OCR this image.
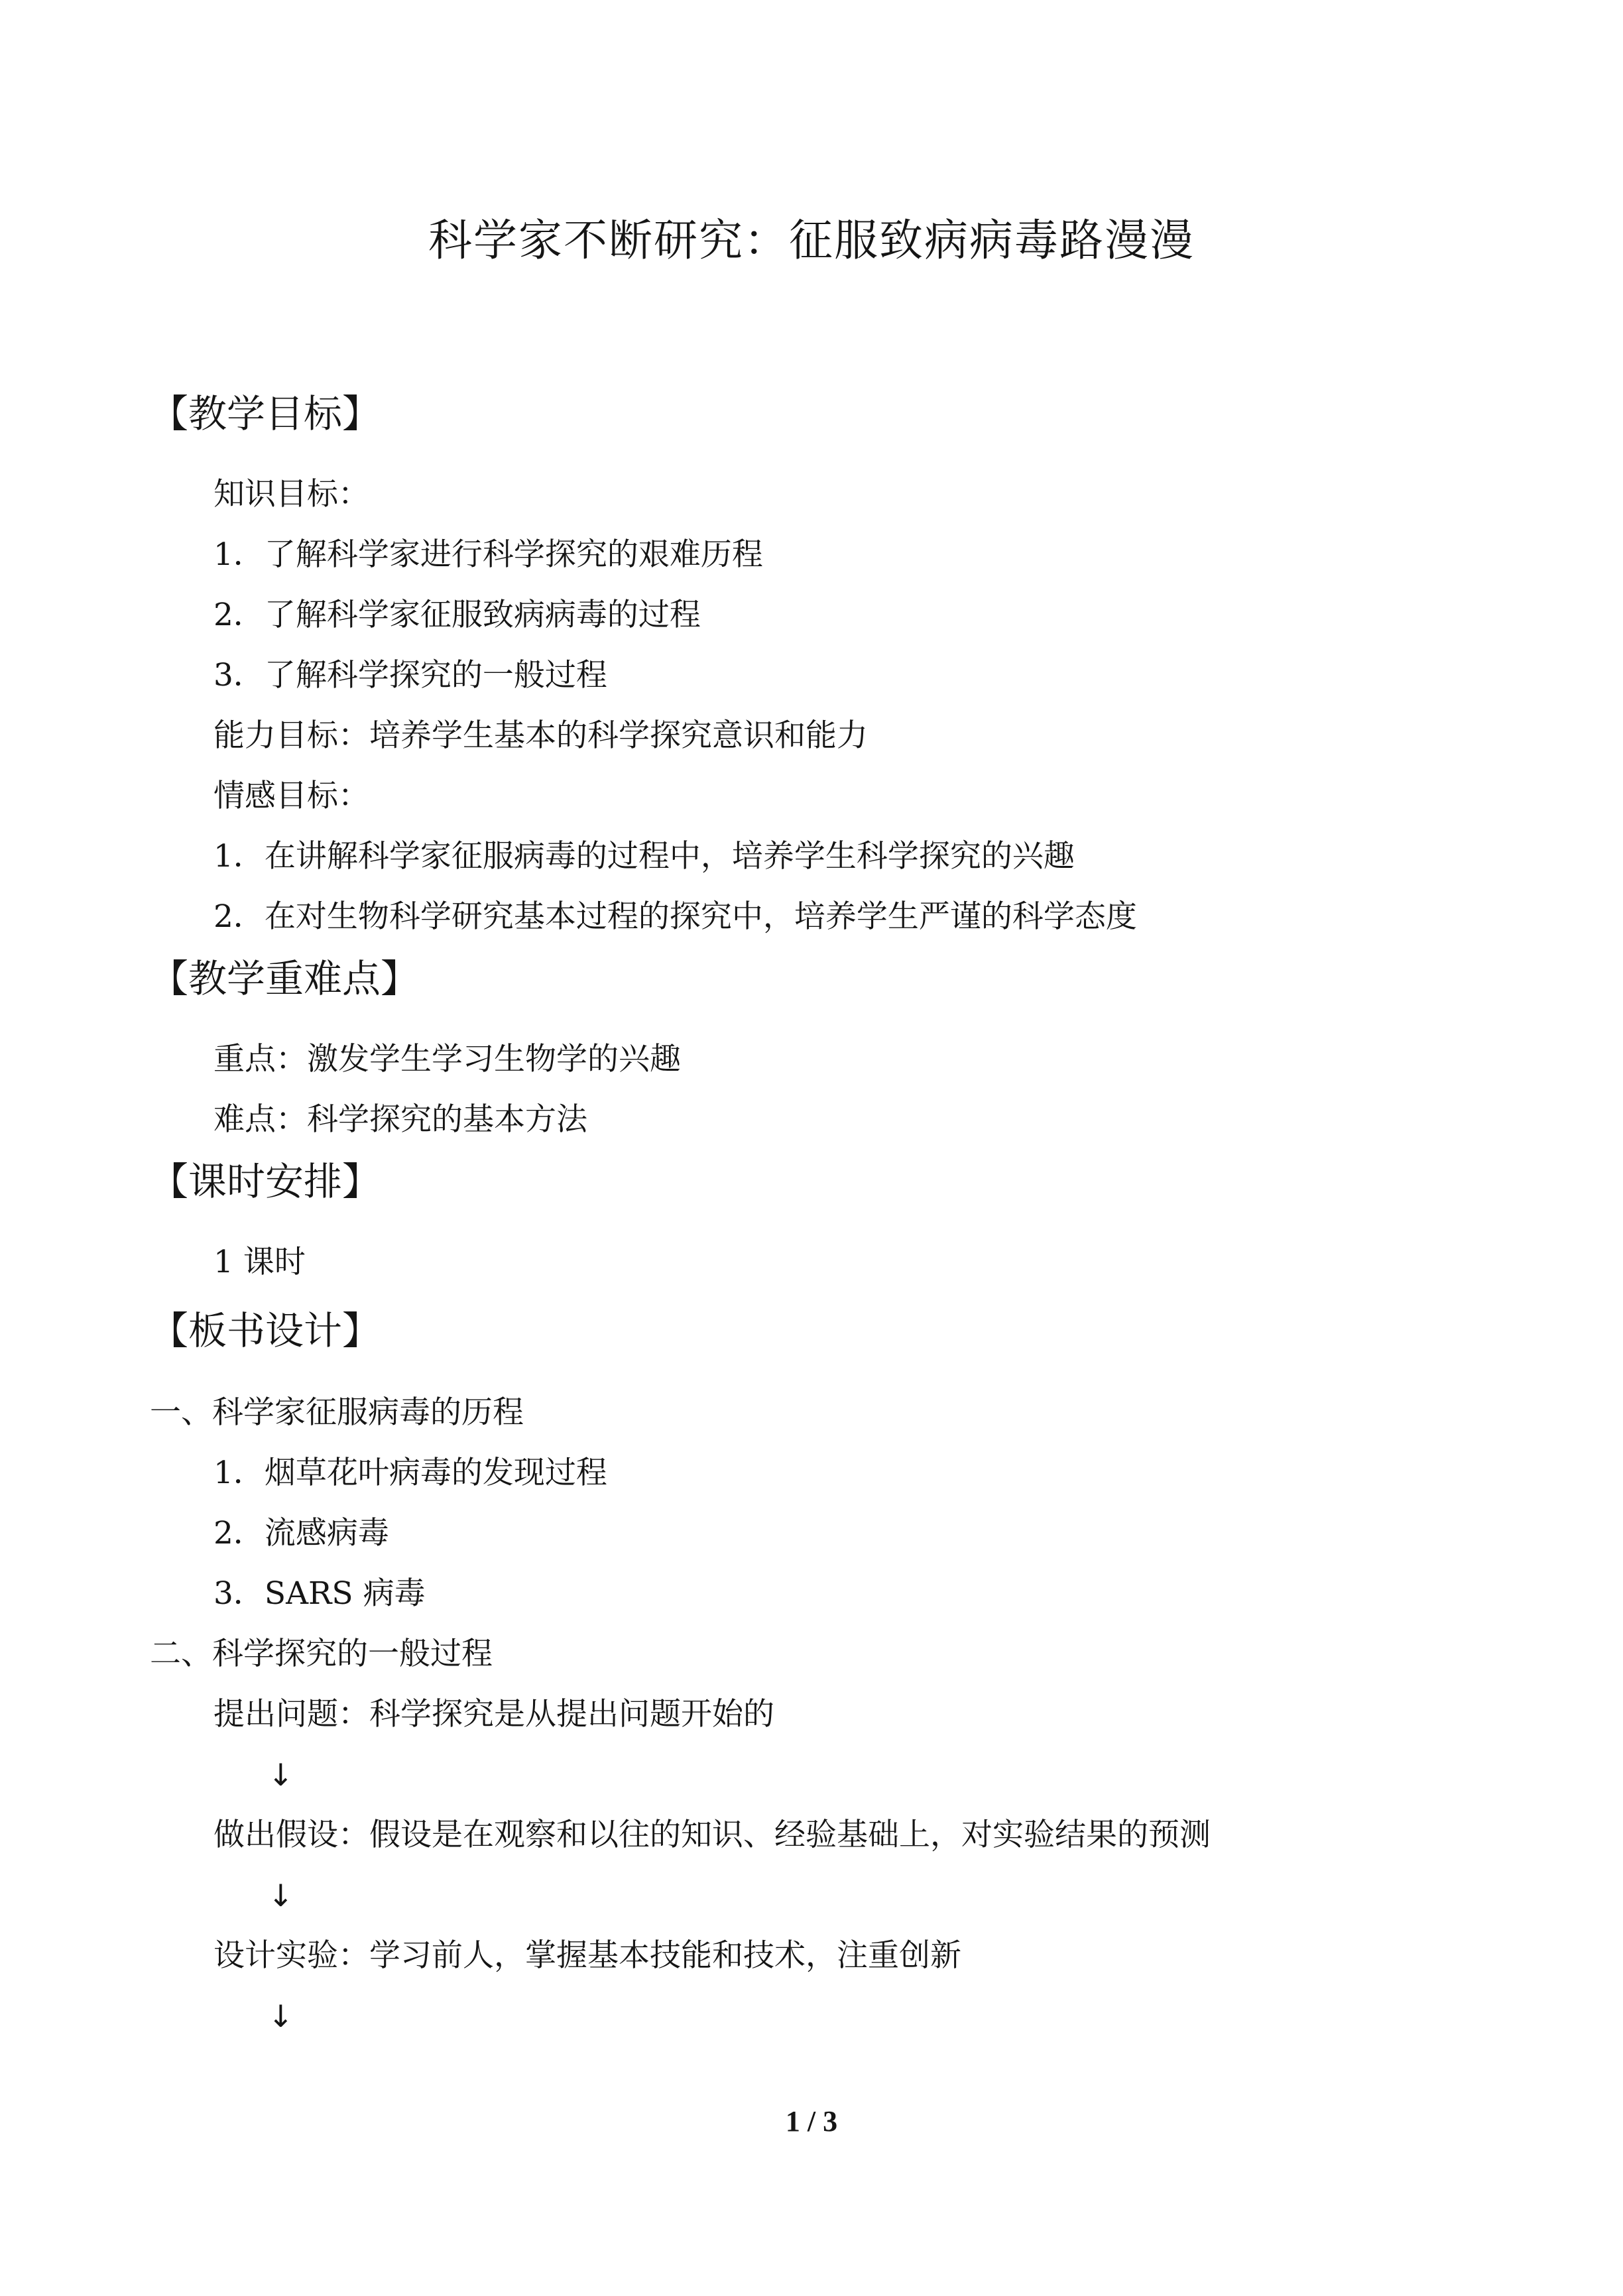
科学家不断研究：征服致病病毒路漫漫
【教学目标】
知识目标：
1．了解科学家进行科学探究的艰难历程
2．了解科学家征服致病病毒的过程
3．了解科学探究的一般过程
能力目标：培养学生基本的科学探究意识和能力
情感目标：
1．在讲解科学家征服病毒的过程中，培养学生科学探究的兴趣
2．在对生物科学研究基本过程的探究中，培养学生严谨的科学态度
【教学重难点】
重点：激发学生学习生物学的兴趣
难点：科学探究的基本方法
【课时安排】
1 课时
【板书设计】
一、科学家征服病毒的历程
1．烟草花叶病毒的发现过程
2．流感病毒
3．SARS 病毒
二、科学探究的一般过程
提出问题：科学探究是从提出问题开始的
↓
做出假设：假设是在观察和以往的知识、经验基础上，对实验结果的预测
↓
设计实验：学习前人，掌握基本技能和技术，注重创新
↓
1 / 3
